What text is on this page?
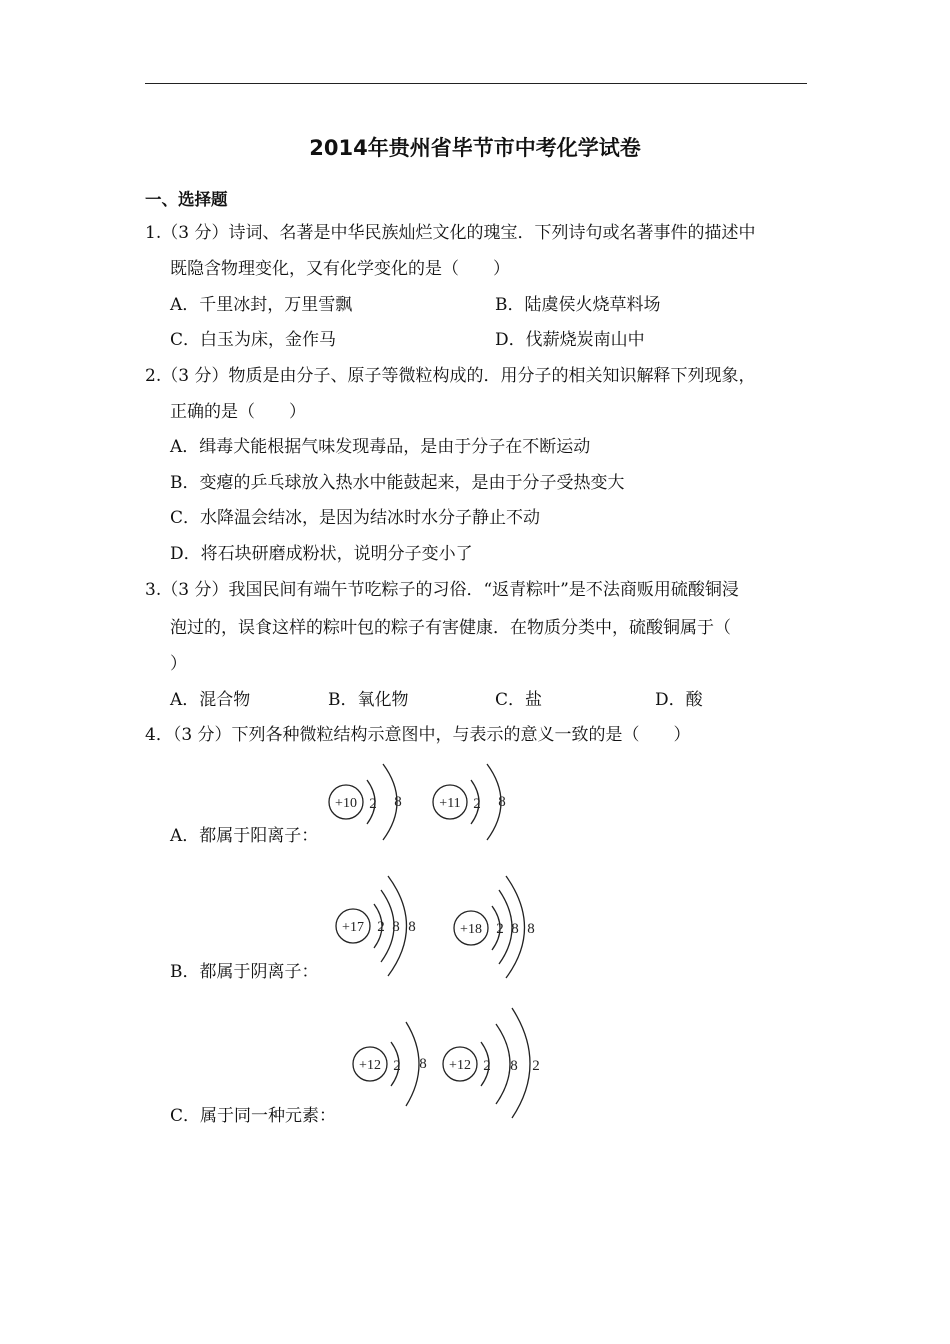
2014年贵州省毕节市中考化学试卷
一、选择题
1.（3 分）诗词、名著是中华民族灿烂文化的瑰宝．下列诗句或名著事件的描述中
既隐含物理变化，又有化学变化的是（　　）
A．千里冰封，万里雪飘	B．陆虞侯火烧草料场
C．白玉为床，金作马	D．伐薪烧炭南山中
2.（3 分）物质是由分子、原子等微粒构成的．用分子的相关知识解释下列现象，
正确的是（　　）
A．缉毒犬能根据气味发现毒品，是由于分子在不断运动
B．变瘪的乒乓球放入热水中能鼓起来，是由于分子受热变大
C．水降温会结冰，是因为结冰时水分子静止不动
D．将石块研磨成粉状，说明分子变小了
3.（3 分）我国民间有端午节吃粽子的习俗．“返青粽叶”是不法商贩用硫酸铜浸
泡过的，误食这样的粽叶包的粽子有害健康．在物质分类中，硫酸铜属于（
）
A．混合物	B．氧化物	C．盐	D．酸
4．（3 分）下列各种微粒结构示意图中，与表示的意义一致的是（　　）
+10 2 8	+11 2 8
A．都属于阳离子：
+17 2 8 8	+18 2 8 8
B．都属于阴离子：
+12 2 8 +12 2 8 2
C．属于同一种元素：
